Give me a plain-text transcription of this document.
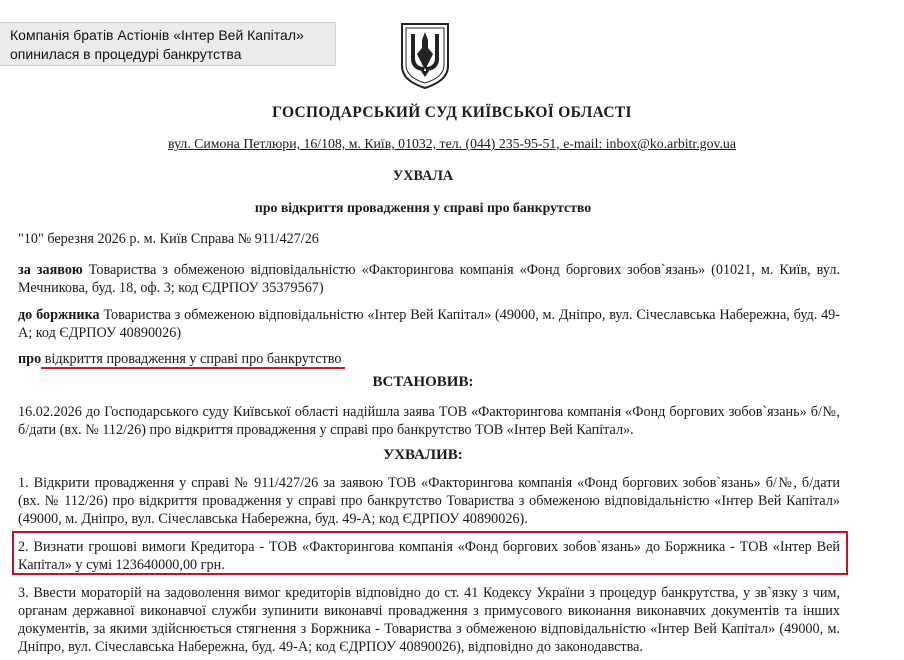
Компанія братів Астіонів «Інтер Вей Капітал»
опинилася в процедурі банкрутства
ГОСПОДАРСЬКИЙ СУД КИЇВСЬКОЇ ОБЛАСТІ
вул. Симона Петлюри, 16/108, м. Київ, 01032, тел. (044) 235-95-51, e-mail: inbox@ko.arbitr.gov.ua
УХВАЛА
про відкриття провадження у справі про банкрутство
"10" березня 2026 р. м. Київ Справа № 911/427/26
за заявою Товариства з обмеженою відповідальністю «Факторингова компанія «Фонд боргових зобов`язань» (01021, м. Київ, вул.
Мечникова, буд. 18, оф. 3; код ЄДРПОУ 35379567)
до боржника Товариства з обмеженою відповідальністю «Інтер Вей Капітал» (49000, м. Дніпро, вул. Січеславська Набережна, буд. 49-
А; код ЄДРПОУ 40890026)
про відкриття провадження у справі про банкрутство
ВСТАНОВИВ:
16.02.2026 до Господарського суду Київської області надійшла заява ТОВ «Факторингова компанія «Фонд боргових зобов`язань» б/№,
б/дати (вх. № 112/26) про відкриття провадження у справі про банкрутство ТОВ «Інтер Вей Капітал».
УХВАЛИВ:
1. Відкрити провадження у справі № 911/427/26 за заявою ТОВ «Факторингова компанія «Фонд боргових зобов`язань» б/№, б/дати
(вх. № 112/26) про відкриття провадження у справі про банкрутство Товариства з обмеженою відповідальністю «Інтер Вей Капітал»
(49000, м. Дніпро, вул. Січеславська Набережна, буд. 49-А; код ЄДРПОУ 40890026).
2. Визнати грошові вимоги Кредитора - ТОВ «Факторингова компанія «Фонд боргових зобов`язань» до Боржника - ТОВ «Інтер Вей
Капітал» у сумі 123640000,00 грн.
3. Ввести мораторій на задоволення вимог кредиторів відповідно до ст. 41 Кодексу України з процедур банкрутства, у зв`язку з чим,
органам державної виконавчої служби зупинити виконавчі провадження з примусового виконання виконавчих документів та інших
документів, за якими здійснюється стягнення з Боржника - Товариства з обмеженою відповідальністю «Інтер Вей Капітал» (49000, м.
Дніпро, вул. Січеславська Набережна, буд. 49-А; код ЄДРПОУ 40890026), відповідно до законодавства.
